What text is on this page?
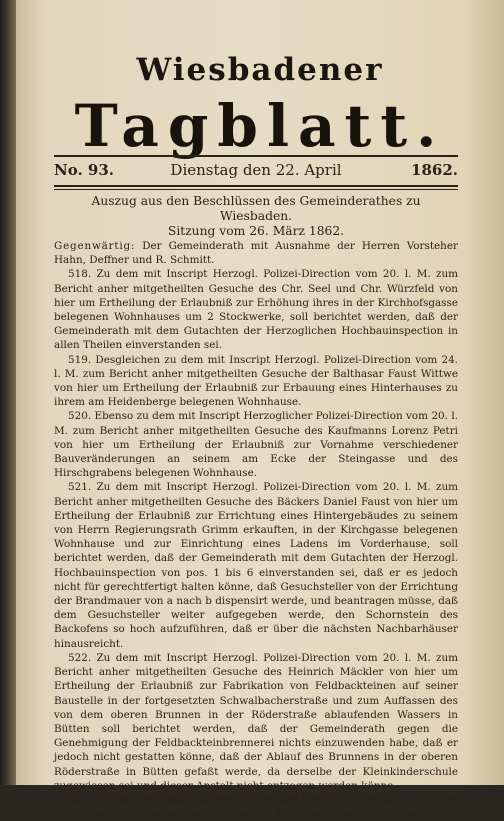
Wiesbadener
Tagblatt.
Dienstag den 22. April
No. 93.	1862.

Auszug aus den Beschlüssen des Gemeinderathes zu Wiesbaden.

Sitzung vom 26. März 1862.

Gegenwärtig: Der Gemeinderath mit Ausnahme der Herren Vorsteher Hahn, Deffner und R. Schmitt.

518. Zu dem mit Inscript Herzogl. Polizei-Direction vom 20. l. M. zum Bericht anher mitgetheilten Gesuche des Chr. Seel und Chr. Würzfeld von hier um Ertheilung der Erlaubniß zur Erhöhung ihres in der Kirchhofsgasse belegenen Wohnhauses um 2 Stockwerke, soll berichtet werden, daß der Gemeinderath mit dem Gutachten der Herzoglichen Hochbauinspection in allen Theilen einverstanden sei.

519. Desgleichen zu dem mit Inscript Herzogl. Polizei-Direction vom 24. l. M. zum Bericht anher mitgetheilten Gesuche der Balthasar Faust Wittwe von hier um Ertheilung der Erlaubniß zur Erbauung eines Hinterhauses zu ihrem am Heidenberge belegenen Wohnhause.

520. Ebenso zu dem mit Inscript Herzoglicher Polizei-Direction vom 20. l. M. zum Bericht anher mitgetheilten Gesuche des Kaufmanns Lorenz Petri von hier um Ertheilung der Erlaubniß zur Vornahme verschiedener Bauveränderungen an seinem am Ecke der Steingasse und des Hirschgrabens belegenen Wohnhause.

521. Zu dem mit Inscript Herzogl. Polizei-Direction vom 20. l. M. zum Bericht anher mitgetheilten Gesuche des Bäckers Daniel Faust von hier um Ertheilung der Erlaubniß zur Errichtung eines Hintergebäudes zu seinem von Herrn Regierungsrath Grimm erkauften, in der Kirchgasse belegenen Wohnhause und zur Einrichtung eines Ladens im Vorderhause, soll berichtet werden, daß der Gemeinderath mit dem Gutachten der Herzogl. Hochbauinspection von pos. 1 bis 6 einverstanden sei, daß er es jedoch nicht für gerechtfertigt halten könne, daß Gesuchsteller von der Errichtung der Brandmauer von a nach b dispensirt werde, und beantragen müsse, daß dem Gesuchsteller weiter aufgegeben werde, den Schornstein des Backofens so hoch aufzuführen, daß er über die nächsten Nachbarhäuser hinausreicht.

522. Zu dem mit Inscript Herzogl. Polizei-Direction vom 20. l. M. zum Bericht anher mitgetheilten Gesuche des Heinrich Mäckler von hier um Ertheilung der Erlaubniß zur Fabrikation von Feldbackteinen auf seiner Baustelle in der fortgesetzten Schwalbacherstraße und zum Auffassen des von dem oberen Brunnen in der Röderstraße ablaufenden Wassers in Bütten soll berichtet werden, daß der Gemeinderath gegen die Genehmigung der Feldbackteinbrennerei nichts einzuwenden habe, daß er jedoch nicht gestatten könne, daß der Ablauf des Brunnens in der oberen Röderstraße in Bütten gefaßt werde, da derselbe der Kleinkinderschule zugewiesen sei und dieser Anstalt nicht entzogen werden könne.

523. Zu dem mit Inscript Herzogl. Polizei-Direction vom 20. l. M. zum Bericht anher mitgetheilten Gesuche des Kaufmanns Joseph Wolf von
